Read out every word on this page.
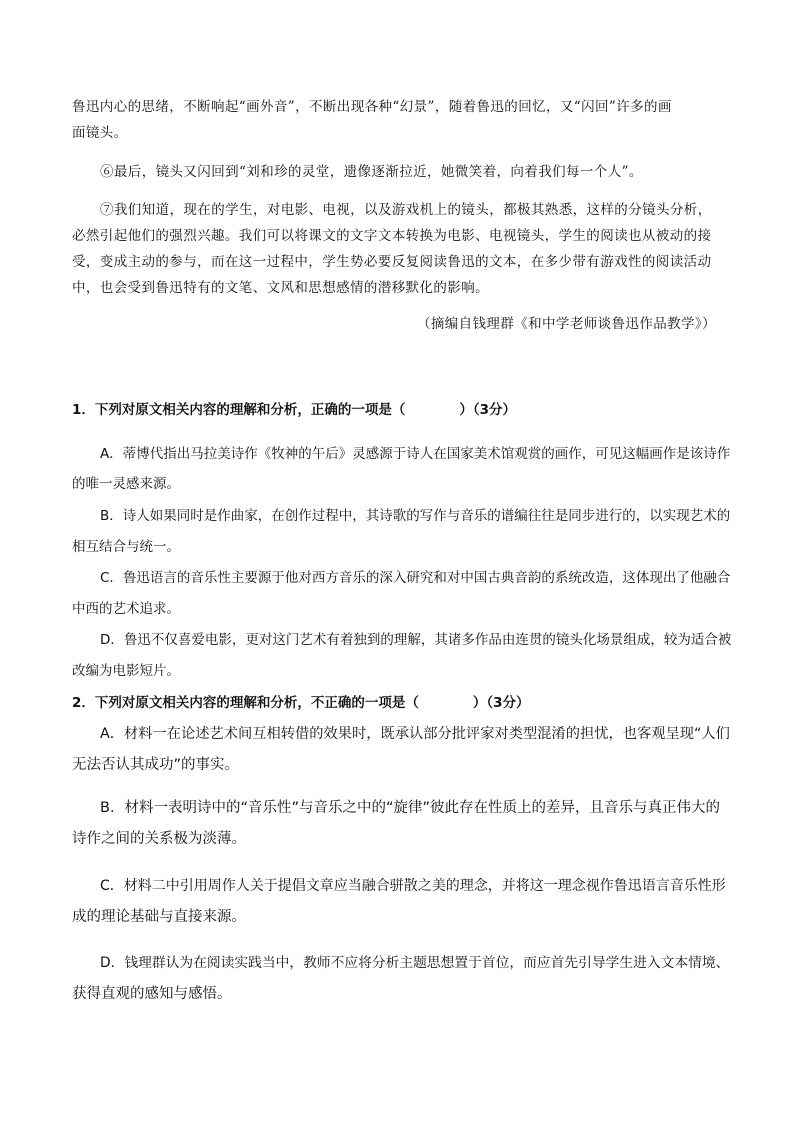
鲁迅内心的思绪，不断响起“画外音”，不断出现各种“幻景”，随着鲁迅的回忆，又“闪回”许多的画
面镜头。
⑥最后，镜头又闪回到“刘和珍的灵堂，遗像逐渐拉近，她微笑着，向着我们每一个人”。
⑦我们知道，现在的学生，对电影、电视，以及游戏机上的镜头，都极其熟悉，这样的分镜头分析，
必然引起他们的强烈兴趣。我们可以将课文的文字文本转换为电影、电视镜头，学生的阅读也从被动的接
受，变成主动的参与，而在这一过程中，学生势必要反复阅读鲁迅的文本，在多少带有游戏性的阅读活动
中，也会受到鲁迅特有的文笔、文风和思想感情的潜移默化的影响。
（摘编自钱理群《和中学老师谈鲁迅作品教学》）
1．下列对原文相关内容的理解和分析，正确的一项是（　　　　）（3分）
A．蒂博代指出马拉美诗作《牧神的午后》灵感源于诗人在国家美术馆观赏的画作，可见这幅画作是该诗作
的唯一灵感来源。
B．诗人如果同时是作曲家，在创作过程中，其诗歌的写作与音乐的谱编往往是同步进行的，以实现艺术的
相互结合与统一。
C．鲁迅语言的音乐性主要源于他对西方音乐的深入研究和对中国古典音韵的系统改造，这体现出了他融合
中西的艺术追求。
D．鲁迅不仅喜爱电影，更对这门艺术有着独到的理解，其诸多作品由连贯的镜头化场景组成，较为适合被
改编为电影短片。
2．下列对原文相关内容的理解和分析，不正确的一项是（　　　　）（3分）
A．材料一在论述艺术间互相转借的效果时，既承认部分批评家对类型混淆的担忧，也客观呈现“人们
无法否认其成功”的事实。
B．材料一表明诗中的“音乐性”与音乐之中的“旋律”彼此存在性质上的差异，且音乐与真正伟大的
诗作之间的关系极为淡薄。
C．材料二中引用周作人关于提倡文章应当融合骈散之美的理念，并将这一理念视作鲁迅语言音乐性形
成的理论基础与直接来源。
D．钱理群认为在阅读实践当中，教师不应将分析主题思想置于首位，而应首先引导学生进入文本情境、
获得直观的感知与感悟。
